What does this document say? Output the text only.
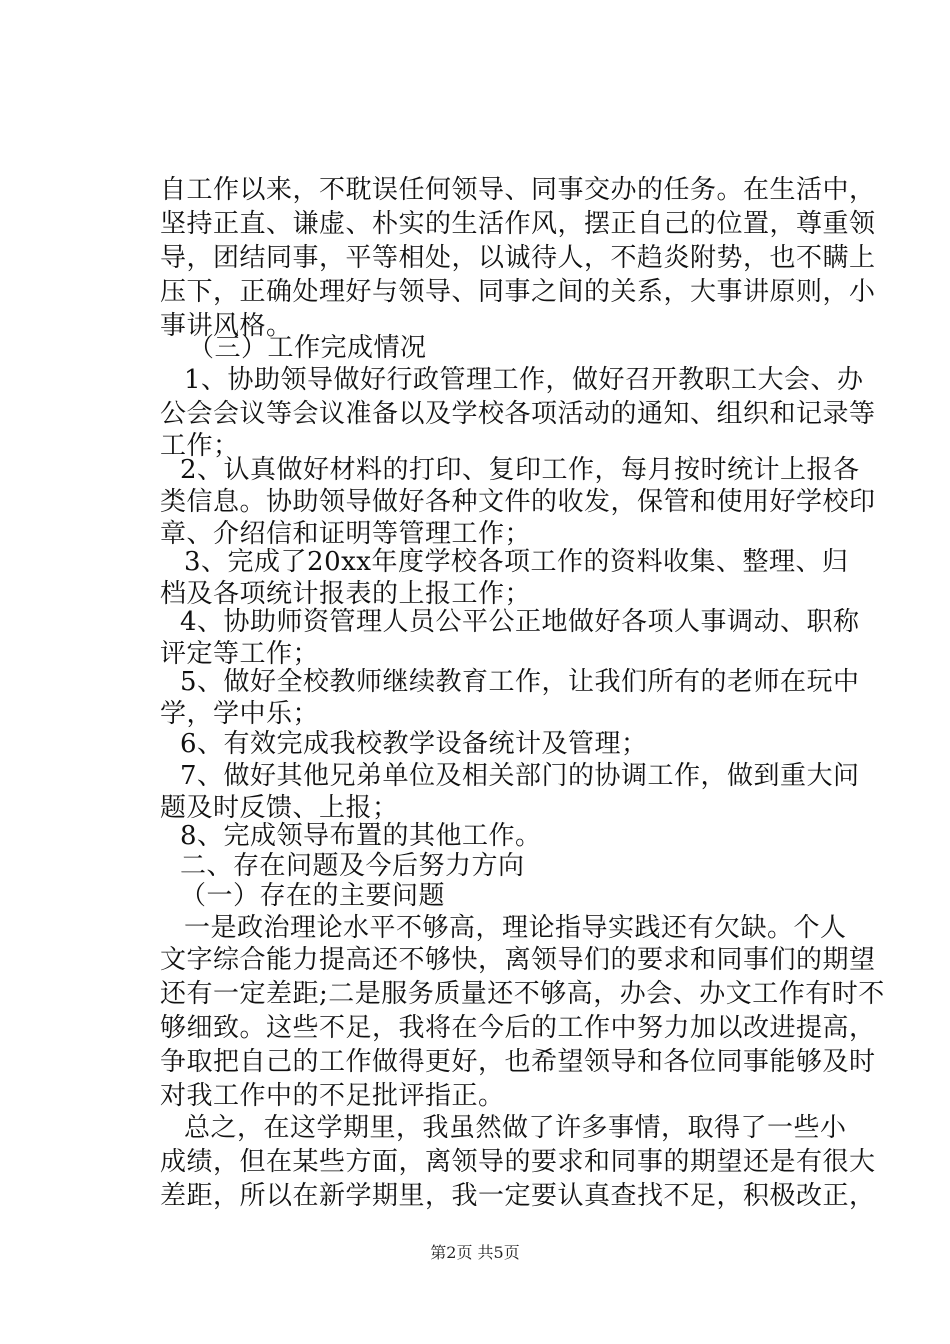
自工作以来，不耽误任何领导、同事交办的任务。在生活中，
坚持正直、谦虚、朴实的生活作风，摆正自己的位置，尊重领
导，团结同事，平等相处，以诚待人，不趋炎附势，也不瞒上
压下，正确处理好与领导、同事之间的关系，大事讲原则，小
事讲风格。
（三）工作完成情况
1、协助领导做好行政管理工作，做好召开教职工大会、办
公会会议等会议准备以及学校各项活动的通知、组织和记录等
工作；
2、认真做好材料的打印、复印工作，每月按时统计上报各
类信息。协助领导做好各种文件的收发，保管和使用好学校印
章、介绍信和证明等管理工作；
3、完成了20xx年度学校各项工作的资料收集、整理、归
档及各项统计报表的上报工作；
4、协助师资管理人员公平公正地做好各项人事调动、职称
评定等工作；
5、做好全校教师继续教育工作，让我们所有的老师在玩中
学，学中乐；
6、有效完成我校教学设备统计及管理；
7、做好其他兄弟单位及相关部门的协调工作，做到重大问
题及时反馈、上报；
8、完成领导布置的其他工作。
二、存在问题及今后努力方向
（一）存在的主要问题
一是政治理论水平不够高，理论指导实践还有欠缺。个人
文字综合能力提高还不够快，离领导们的要求和同事们的期望
还有一定差距;二是服务质量还不够高，办会、办文工作有时不
够细致。这些不足，我将在今后的工作中努力加以改进提高，
争取把自己的工作做得更好，也希望领导和各位同事能够及时
对我工作中的不足批评指正。
总之，在这学期里，我虽然做了许多事情，取得了一些小
成绩，但在某些方面，离领导的要求和同事的期望还是有很大
差距，所以在新学期里，我一定要认真查找不足，积极改正，
第2页 共5页
